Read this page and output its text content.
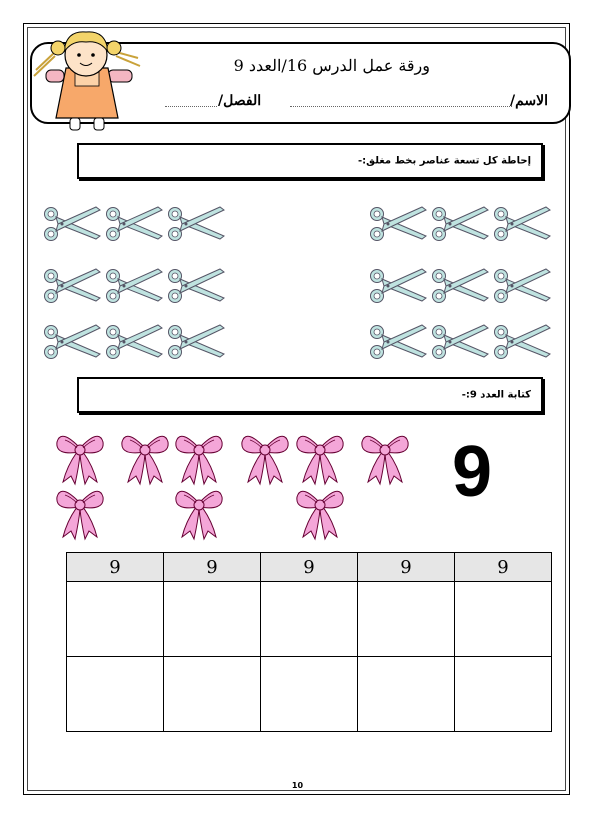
ورقة عمل الدرس 16/العدد 9
الاسم/
الفصل/
إحاطة كل تسعة عناصر بخط مغلق:-
كتابة العدد 9:-
9
9	9	9	9	9

10
